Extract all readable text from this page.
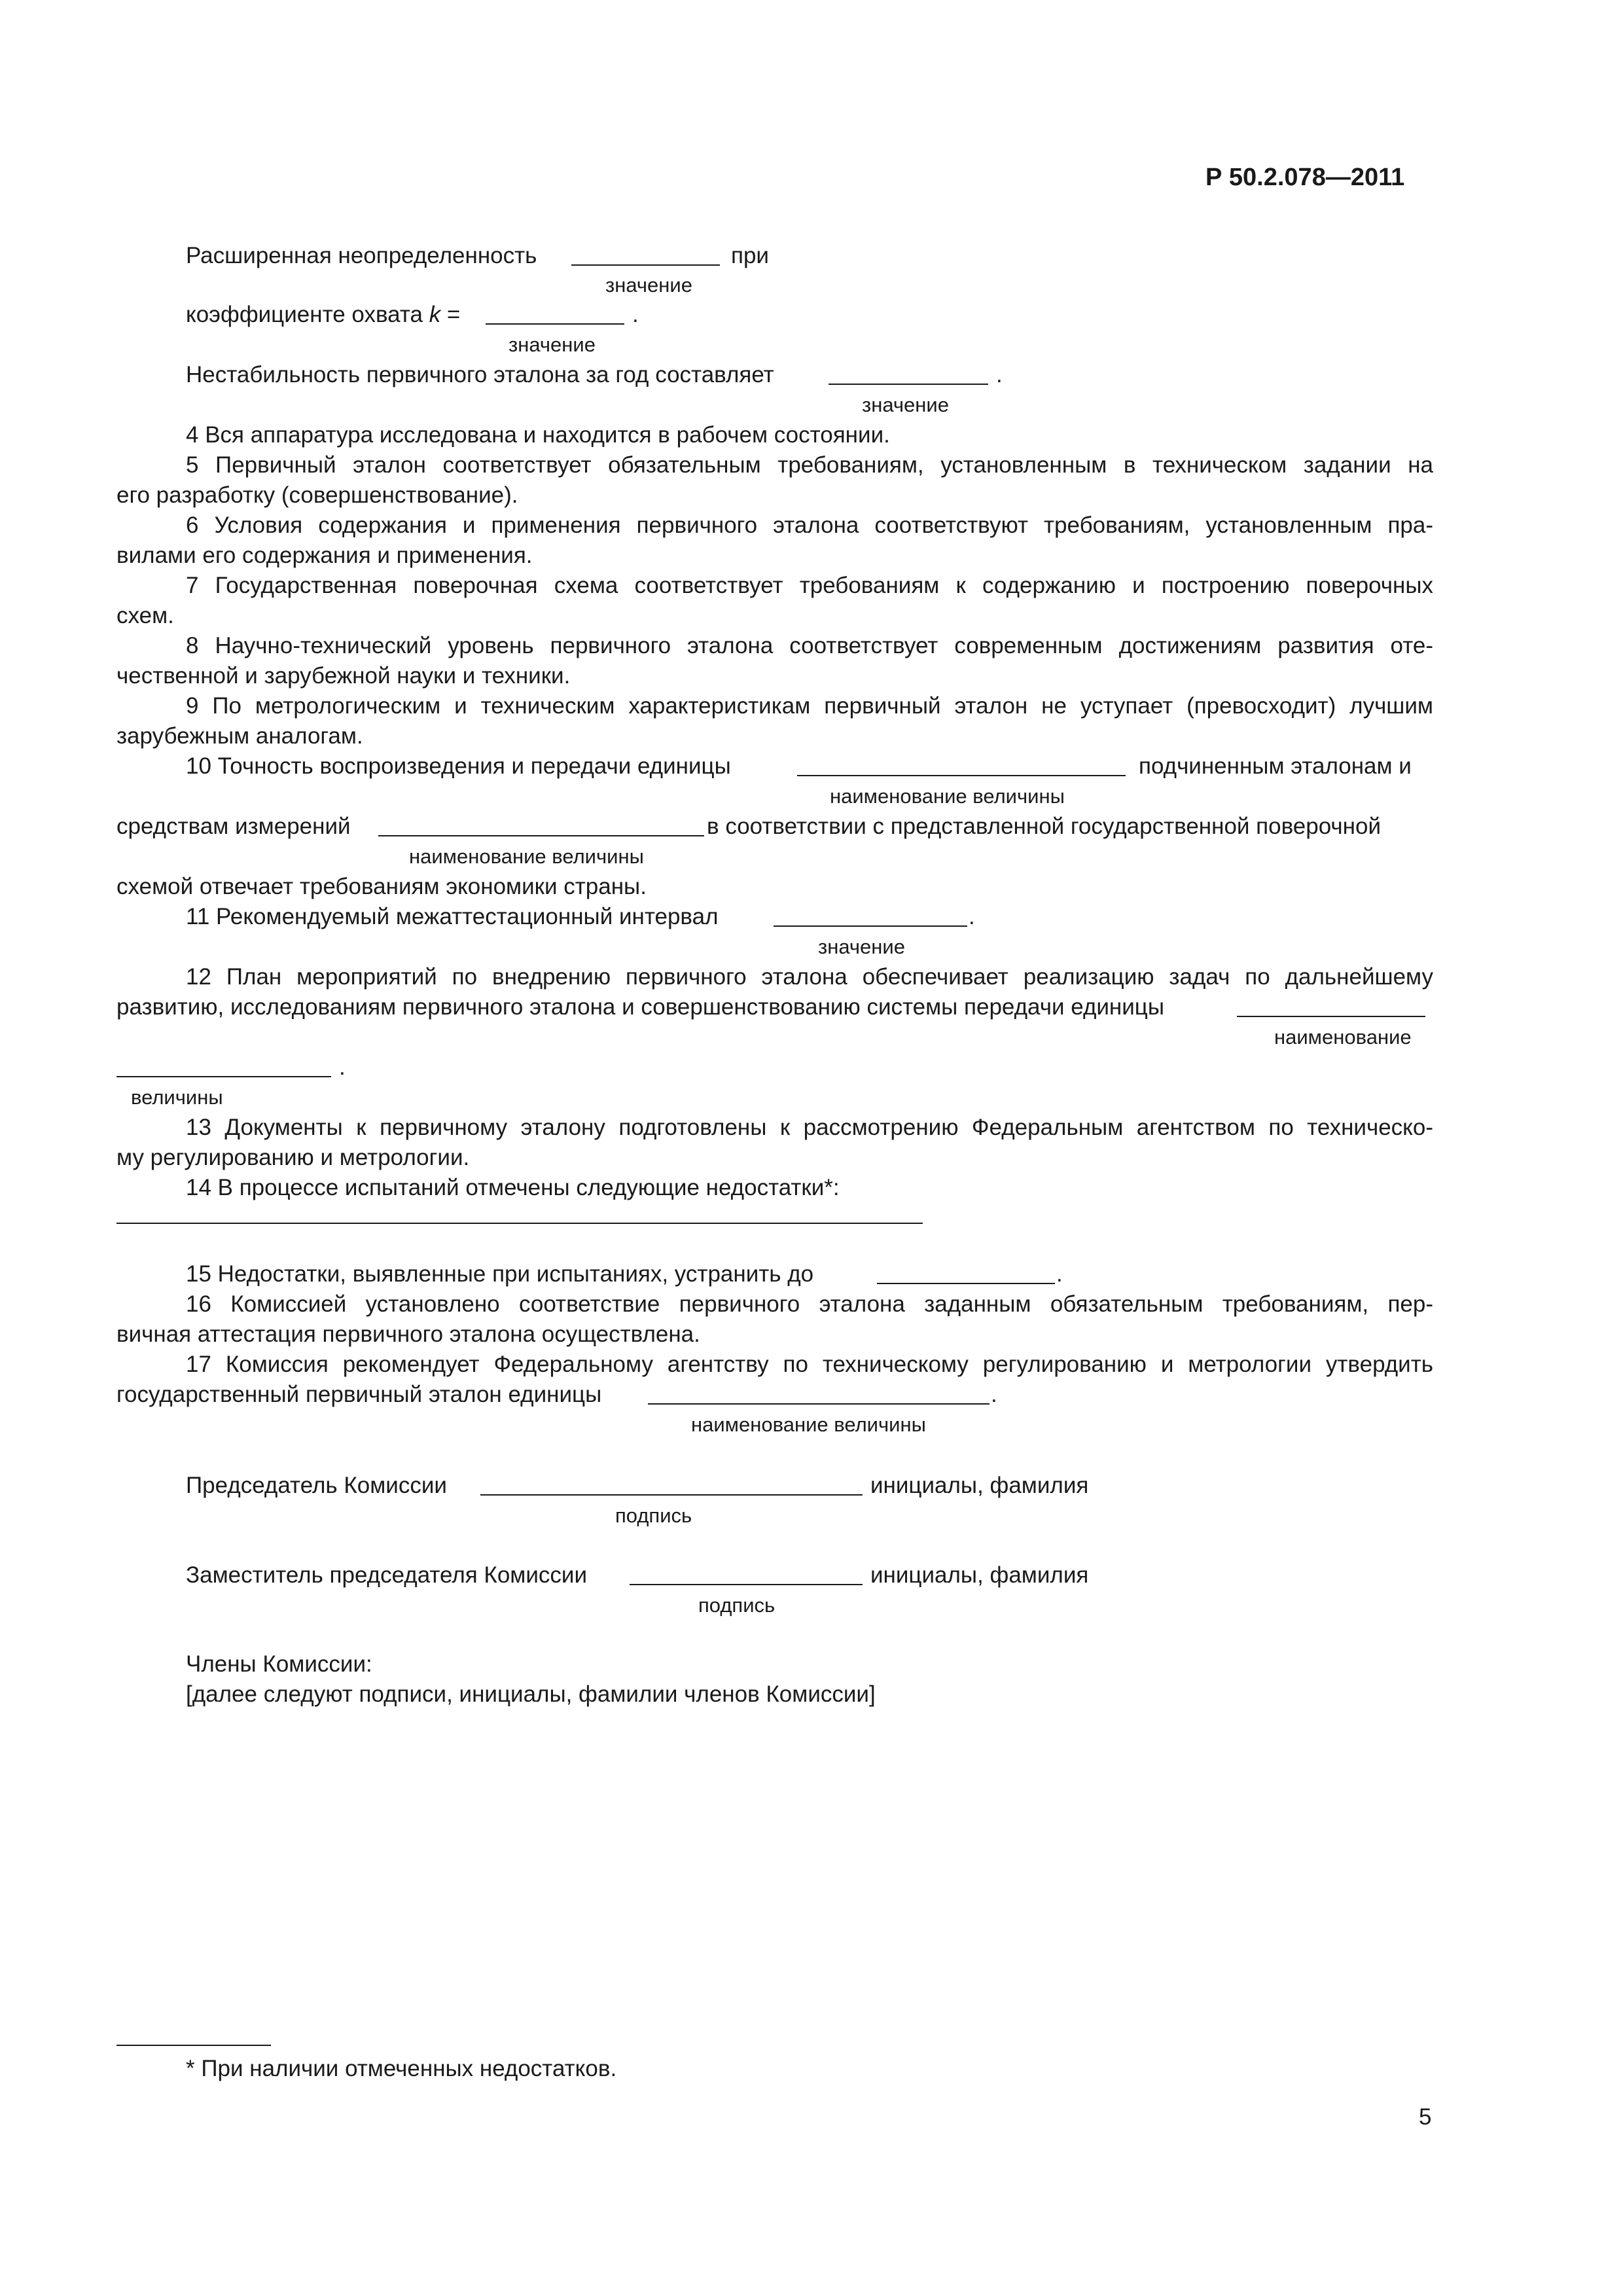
Р 50.2.078—2011
Расширенная неопределенность	при
значение
коэффициенте охвата k =	.
значение
Нестабильность первичного эталона за год составляет	.
значение
4 Вся аппаратура исследована и находится в рабочем состоянии.
5 Первичный эталон соответствует обязательным требованиям, установленным в техническом задании на
его разработку (совершенствование).
6 Условия содержания и применения первичного эталона соответствуют требованиям, установленным пра-
вилами его содержания и применения.
7 Государственная поверочная схема соответствует требованиям к содержанию и построению поверочных
схем.
8 Научно-технический уровень первичного эталона соответствует современным достижениям развития оте-
чественной и зарубежной науки и техники.
9 По метрологическим и техническим характеристикам первичный эталон не уступает (превосходит) лучшим
зарубежным аналогам.
10 Точность воспроизведения и передачи единицы	подчиненным эталонам и
наименование величины
средствам измерений	в соответствии с представленной государственной поверочной
наименование величины
схемой отвечает требованиям экономики страны.
11 Рекомендуемый межаттестационный интервал	.
значение
12 План мероприятий по внедрению первичного эталона обеспечивает реализацию задач по дальнейшему
развитию, исследованиям первичного эталона и совершенствованию системы передачи единицы
наименование
.
величины
13 Документы к первичному эталону подготовлены к рассмотрению Федеральным агентством по техническо-
му регулированию и метрологии.
14 В процессе испытаний отмечены следующие недостатки*:
15 Недостатки, выявленные при испытаниях, устранить до	.
16 Комиссией установлено соответствие первичного эталона заданным обязательным требованиям, пер-
вичная аттестация первичного эталона осуществлена.
17 Комиссия рекомендует Федеральному агентству по техническому регулированию и метрологии утвердить
государственный первичный эталон единицы	.
наименование величины
Председатель Комиссии	инициалы, фамилия
подпись
Заместитель председателя Комиссии	инициалы, фамилия
подпись
Члены Комиссии:
[далее следуют подписи, инициалы, фамилии членов Комиссии]
* При наличии отмеченных недостатков.
5
